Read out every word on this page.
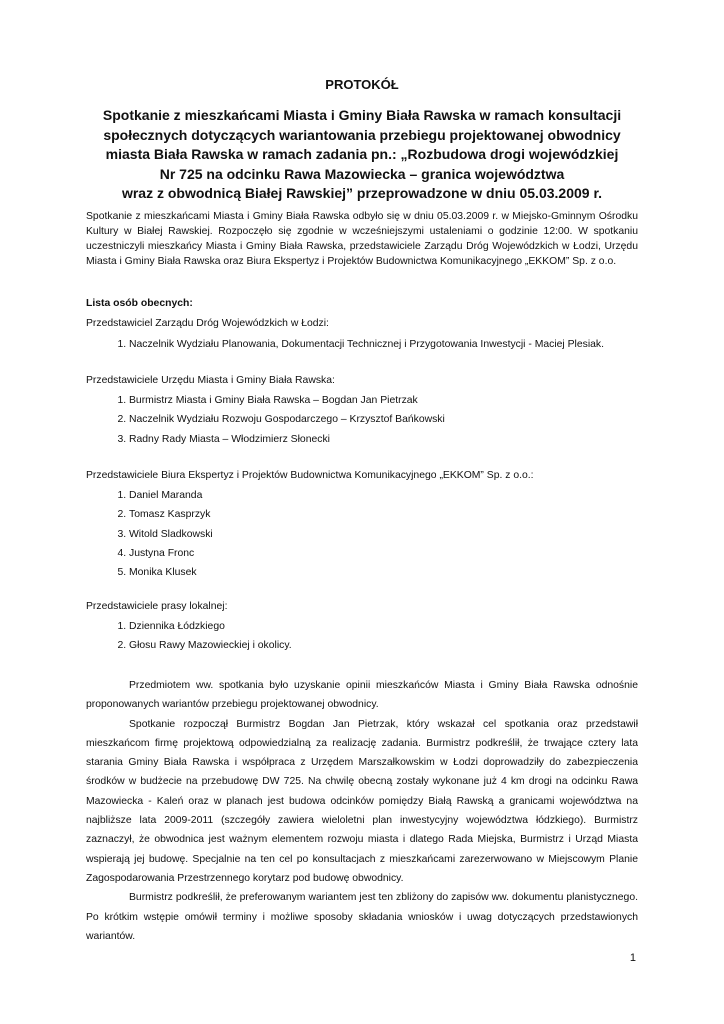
PROTOKÓŁ
Spotkanie z mieszkańcami Miasta i Gminy Biała Rawska w ramach konsultacji
społecznych dotyczących wariantowania przebiegu projektowanej obwodnicy
miasta Biała Rawska w ramach zadania pn.: „Rozbudowa drogi wojewódzkiej
Nr 725 na odcinku Rawa Mazowiecka – granica województwa
wraz z obwodnicą Białej Rawskiej” przeprowadzone w dniu 05.03.2009 r.

Spotkanie z mieszkańcami Miasta i Gminy Biała Rawska odbyło się w dniu 05.03.2009 r. w Miejsko-Gminnym Ośrodku Kultury w Białej Rawskiej. Rozpoczęło się zgodnie w wcześniejszymi ustaleniami o godzinie 12:00. W spotkaniu uczestniczyli mieszkańcy Miasta i Gminy Biała Rawska, przedstawiciele Zarządu Dróg Wojewódzkich w Łodzi, Urzędu Miasta i Gminy Biała Rawska oraz Biura Ekspertyz i Projektów Budownictwa Komunikacyjnego „EKKOM” Sp. z o.o.

Lista osób obecnych:

Przedstawiciel Zarządu Dróg Wojewódzkich w Łodzi:

1. Naczelnik Wydziału Planowania, Dokumentacji Technicznej i Przygotowania Inwestycji - Maciej Plesiak.

Przedstawiciele Urzędu Miasta i Gminy Biała Rawska:

1. Burmistrz Miasta i Gminy Biała Rawska – Bogdan Jan Pietrzak
2. Naczelnik Wydziału Rozwoju Gospodarczego – Krzysztof Bańkowski
3. Radny Rady Miasta – Włodzimierz Słonecki

Przedstawiciele Biura Ekspertyz i Projektów Budownictwa Komunikacyjnego „EKKOM” Sp. z o.o.:

1. Daniel Maranda
2. Tomasz Kasprzyk
3. Witold Sladkowski
4. Justyna Fronc
5. Monika Klusek

Przedstawiciele prasy lokalnej:

1. Dziennika Łódzkiego
2. Głosu Rawy Mazowieckiej i okolicy.

Przedmiotem ww. spotkania było uzyskanie opinii mieszkańców Miasta i Gminy Biała Rawska odnośnie proponowanych wariantów przebiegu projektowanej obwodnicy.

Spotkanie rozpoczął Burmistrz Bogdan Jan Pietrzak, który wskazał cel spotkania oraz przedstawił mieszkańcom firmę projektową odpowiedzialną za realizację zadania. Burmistrz podkreślił, że trwające cztery lata starania Gminy Biała Rawska i współpraca z Urzędem Marszałkowskim w Łodzi doprowadziły do zabezpieczenia środków w budżecie na przebudowę DW 725. Na chwilę obecną zostały wykonane już 4 km drogi na odcinku Rawa Mazowiecka - Kaleń oraz w planach jest budowa odcinków pomiędzy Białą Rawską a granicami województwa na najbliższe lata 2009-2011 (szczegóły zawiera wieloletni plan inwestycyjny województwa łódzkiego). Burmistrz zaznaczył, że obwodnica jest ważnym elementem rozwoju miasta i dlatego Rada Miejska, Burmistrz i Urząd Miasta wspierają jej budowę. Specjalnie na ten cel po konsultacjach z mieszkańcami zarezerwowano w Miejscowym Planie Zagospodarowania Przestrzennego korytarz pod budowę obwodnicy.

Burmistrz podkreślił, że preferowanym wariantem jest ten zbliżony do zapisów ww. dokumentu planistycznego. Po krótkim wstępie omówił terminy i możliwe sposoby składania wniosków i uwag dotyczących przedstawionych wariantów.

1
